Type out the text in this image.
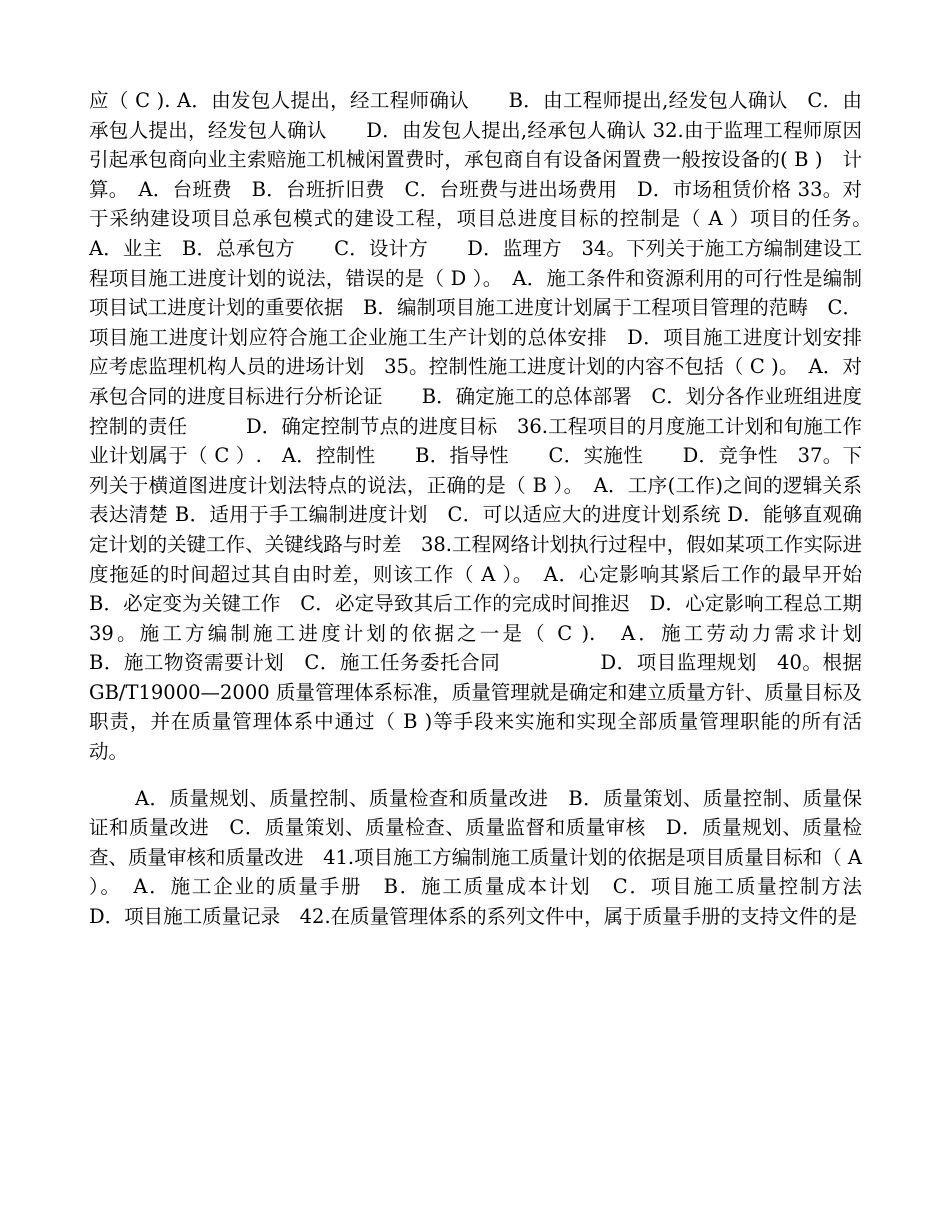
应（ C ). A．由发包人提出，经工程师确认　　B．由工程师提出,经发包人确认　C．由承包人提出，经发包人确认　　D．由发包人提出,经承包人确认 32.由于监理工程师原因引起承包商向业主索赔施工机械闲置费时，承包商自有设备闲置费一般按设备的( B )　计算。　A．台班费　B．台班折旧费　C．台班费与进出场费用　D．市场租赁价格 33。对于采纳建设项目总承包模式的建设工程，项目总进度目标的控制是（ A ）项目的任务。　A．业主　B．总承包方　　C．设计方　　D．监理方　34。下列关于施工方编制建设工程项目施工进度计划的说法，错误的是（ D ）。　A．施工条件和资源利用的可行性是编制项目试工进度计划的重要依据　B．编制项目施工进度计划属于工程项目管理的范畴　C．项目施工进度计划应符合施工企业施工生产计划的总体安排　D．项目施工进度计划安排应考虑监理机构人员的进场计划　35。控制性施工进度计划的内容不包括（ C )。　A．对承包合同的进度目标进行分析论证　　B．确定施工的总体部署　C．划分各作业班组进度控制的责任　　　D．确定控制节点的进度目标　36.工程项目的月度施工计划和旬施工作业计划属于（ C ）.　A．控制性　　B．指导性　　C．实施性　　D．竞争性　37。下列关于横道图进度计划法特点的说法，正确的是（ B ）。　A．工序(工作)之间的逻辑关系表达清楚 B．适用于手工编制进度计划　C．可以适应大的进度计划系统 D．能够直观确定计划的关键工作、关键线路与时差　38.工程网络计划执行过程中，假如某项工作实际进度拖延的时间超过其自由时差，则该工作（ A ）。　A．心定影响其紧后工作的最早开始　　B．必定变为关键工作　C．必定导致其后工作的完成时间推迟　D．心定影响工程总工期　39。施工方编制施工进度计划的依据之一是（ C ).　A．施工劳动力需求计划　　　　B．施工物资需要计划　C．施工任务委托合同　　　　　D．项目监理规划　40。根据 GB/T19000—2000 质量管理体系标准，质量管理就是确定和建立质量方针、质量目标及职责，并在质量管理体系中通过（ B )等手段来实施和实现全部质量管理职能的所有活动。

A．质量规划、质量控制、质量检查和质量改进　B．质量策划、质量控制、质量保证和质量改进　C．质量策划、质量检查、质量监督和质量审核　D．质量规划、质量检查、质量审核和质量改进　41.项目施工方编制施工质量计划的依据是项目质量目标和（ A ）。　A．施工企业的质量手册　B．施工质量成本计划　C．项目施工质量控制方法　　D．项目施工质量记录　42.在质量管理体系的系列文件中，属于质量手册的支持文件的是
